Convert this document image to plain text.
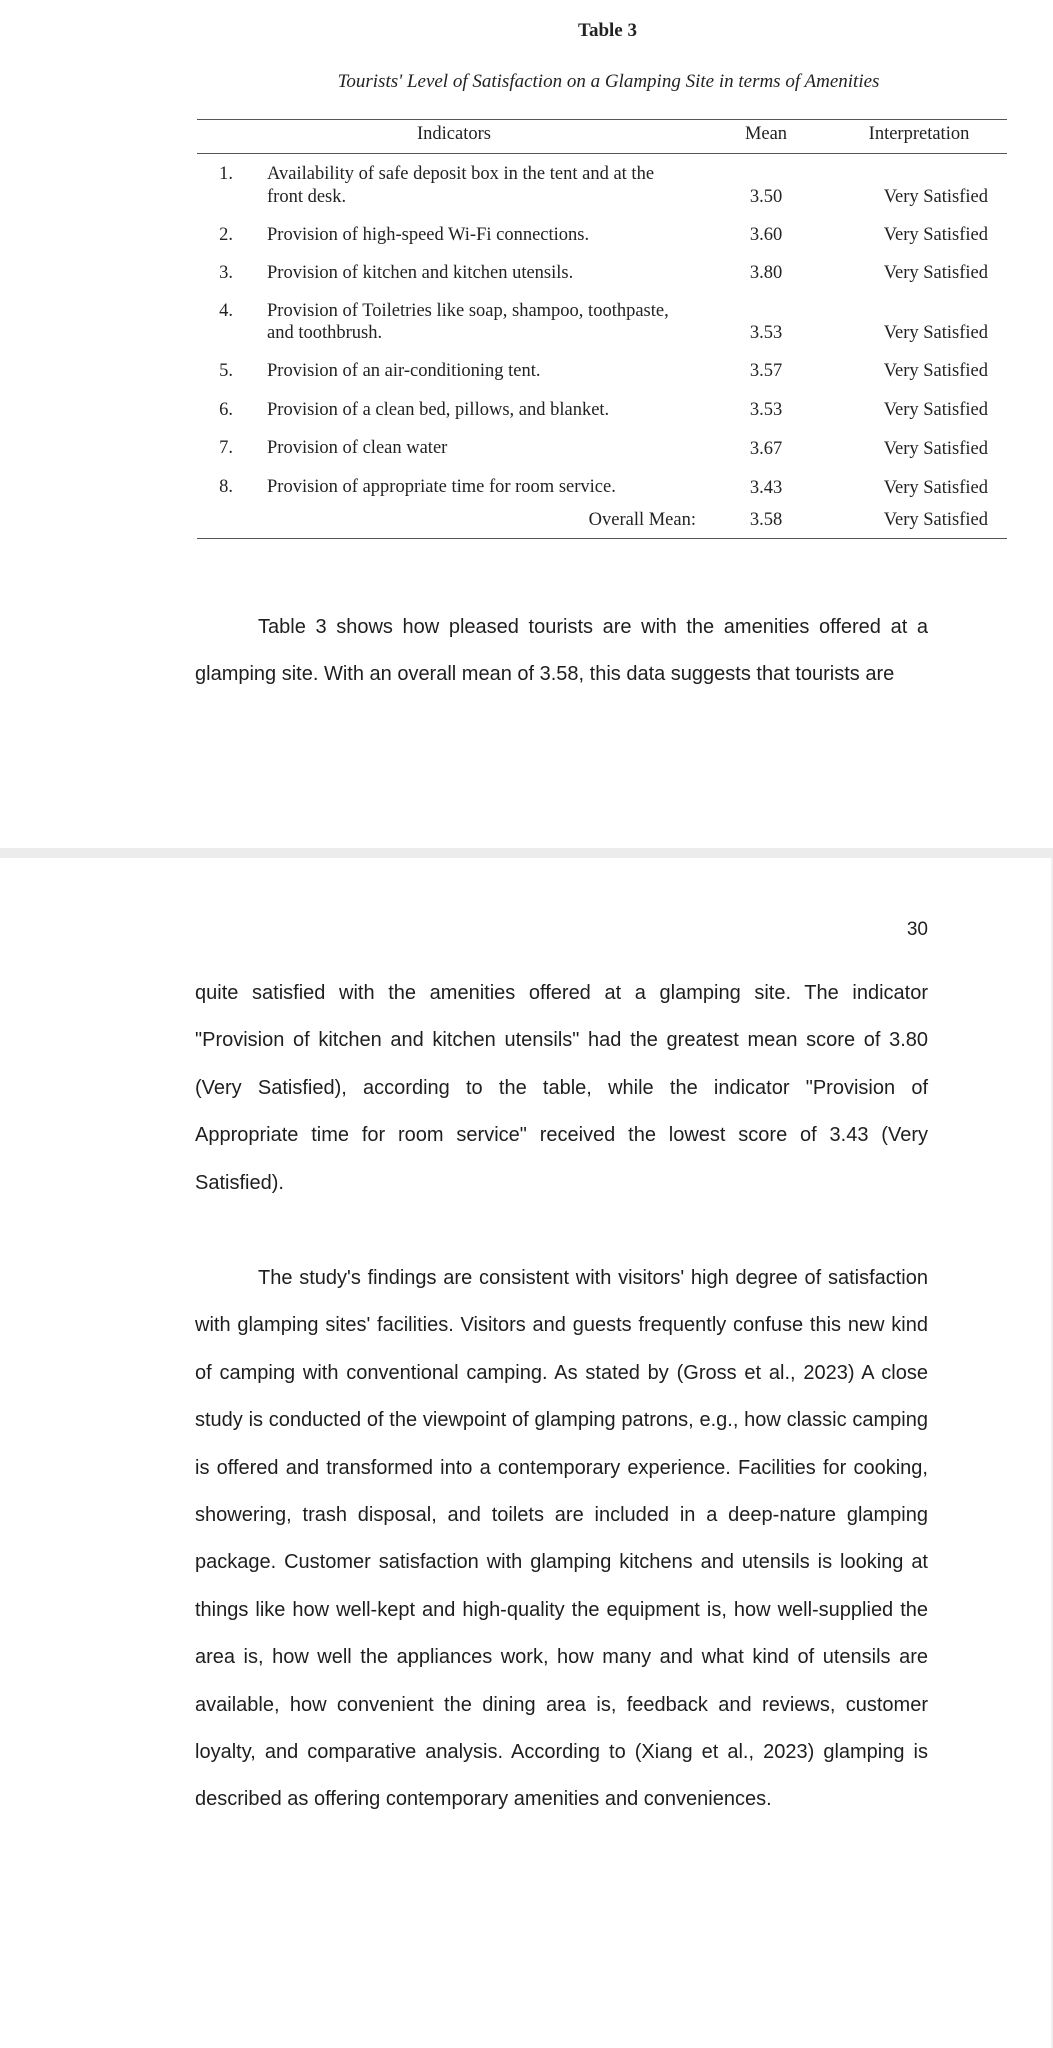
Table 3
Tourists' Level of Satisfaction on a Glamping Site in terms of Amenities
Indicators	Mean	Interpretation
1. Availability of safe deposit box in the tent and at the
front desk.	3.50	Very Satisfied
2. Provision of high-speed Wi-Fi connections.	3.60	Very Satisfied
3. Provision of kitchen and kitchen utensils.	3.80	Very Satisfied
4. Provision of Toiletries like soap, shampoo, toothpaste,
and toothbrush.	3.53	Very Satisfied
5. Provision of an air-conditioning tent.	3.57	Very Satisfied
6. Provision of a clean bed, pillows, and blanket.	3.53	Very Satisfied
7. Provision of clean water	3.67	Very Satisfied
8. Provision of appropriate time for room service.	3.43	Very Satisfied
Overall Mean:	3.58	Very Satisfied

Table 3 shows how pleased tourists are with the amenities offered at a glamping site. With an overall mean of 3.58, this data suggests that tourists are

30

quite satisfied with the amenities offered at a glamping site. The indicator "Provision of kitchen and kitchen utensils" had the greatest mean score of 3.80 (Very Satisfied), according to the table, while the indicator "Provision of Appropriate time for room service" received the lowest score of 3.43 (Very Satisfied).

The study's findings are consistent with visitors' high degree of satisfaction with glamping sites' facilities. Visitors and guests frequently confuse this new kind of camping with conventional camping. As stated by (Gross et al., 2023) A close study is conducted of the viewpoint of glamping patrons, e.g., how classic camping is offered and transformed into a contemporary experience. Facilities for cooking, showering, trash disposal, and toilets are included in a deep-nature glamping package. Customer satisfaction with glamping kitchens and utensils is looking at things like how well-kept and high-quality the equipment is, how well-supplied the area is, how well the appliances work, how many and what kind of utensils are available, how convenient the dining area is, feedback and reviews, customer loyalty, and comparative analysis. According to (Xiang et al., 2023) glamping is described as offering contemporary amenities and conveniences.
